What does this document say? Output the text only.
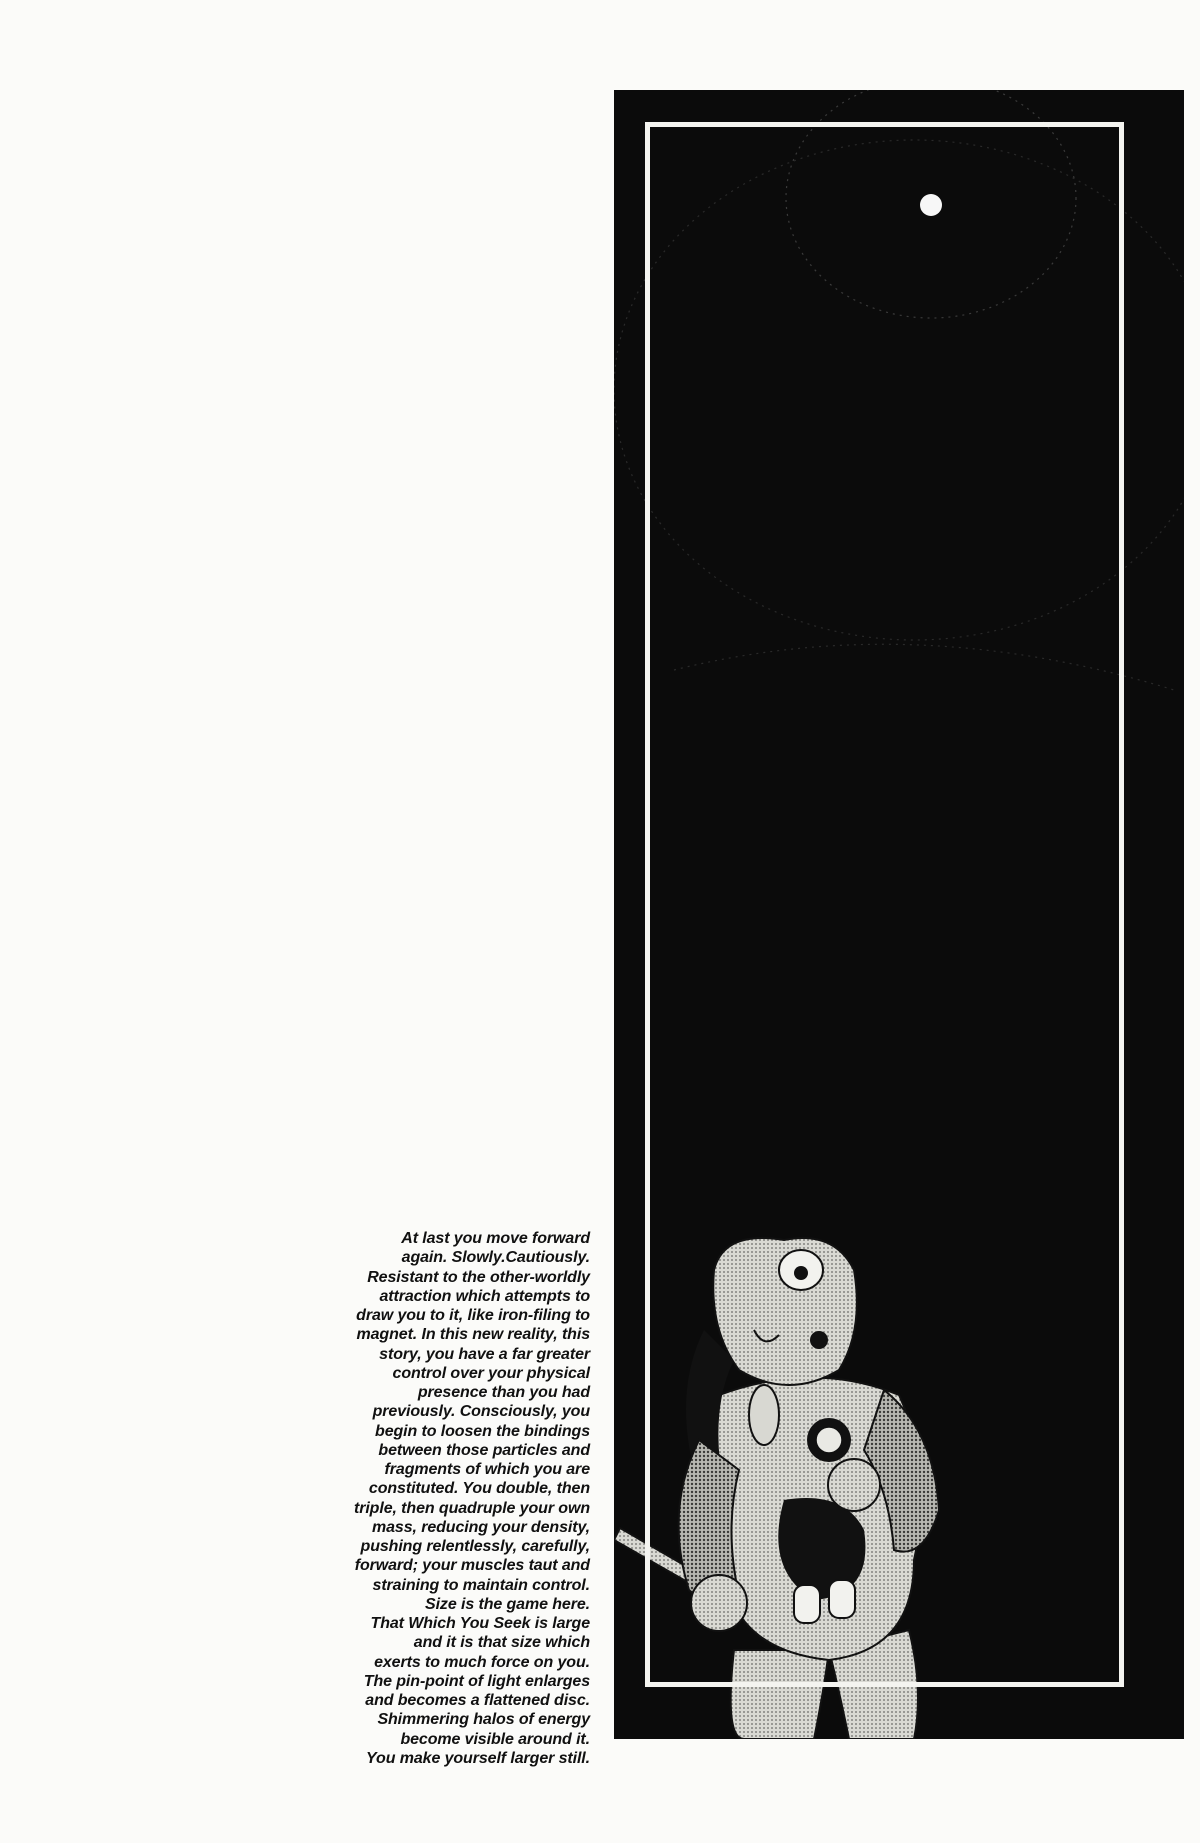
At last you move forward
again. Slowly.Cautiously.
Resistant to the other-worldly
attraction which attempts to
draw you to it, like iron-filing to
magnet. In this new reality, this
story, you have a far greater
control over your physical
presence than you had
previously. Consciously, you
begin to loosen the bindings
between those particles and
fragments of which you are
constituted. You double, then
triple, then quadruple your own
mass, reducing your density,
pushing relentlessly, carefully,
forward; your muscles taut and
straining to maintain control.
Size is the game here.
That Which You Seek is large
and it is that size which
exerts to much force on you.
The pin-point of light enlarges
and becomes a flattened disc.
Shimmering halos of energy
become visible around it.
You make yourself larger still.
